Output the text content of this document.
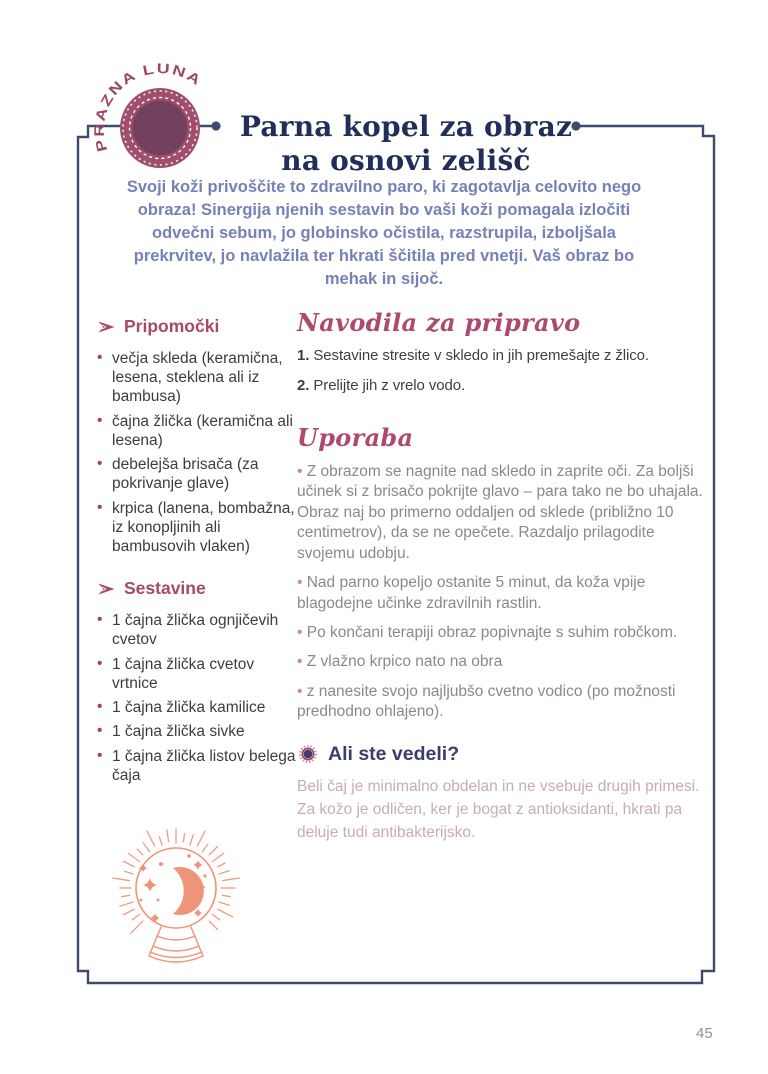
PRAZNA LUNA
Parna kopel za obraz
na osnovi zelišč

Svoji koži privoščite to zdravilno paro, ki zagotavlja celovito nego obraza! Sinergija njenih sestavin bo vaši koži pomagala izločiti odvečni sebum, jo globinsko očistila, razstrupila, izboljšala prekrvitev, jo navlažila ter hkrati ščitila pred vnetji. Vaš obraz bo mehak in sijoč.

Pripomočki
• večja skleda (keramična, lesena, steklena ali iz bambusa)
• čajna žlička (keramična ali lesena)
• debelejša brisača (za pokrivanje glave)
• krpica (lanena, bombažna, iz konopljinih ali bambusovih vlaken)
Sestavine
• 1 čajna žlička ognjičevih cvetov
• 1 čajna žlička cvetov vrtnice
• 1 čajna žlička kamilice
• 1 čajna žlička sivke
• 1 čajna žlička listov belega čaja
Navodila za pripravo
1. Sestavine stresite v skledo in jih premešajte z žlico.
2. Prelijte jih z vrelo vodo.
Uporaba

• Z obrazom se nagnite nad skledo in zaprite oči. Za boljši učinek si z brisačo pokrijte glavo – para tako ne bo uhajala. Obraz naj bo primerno oddaljen od sklede (približno 10 centimetrov), da se ne opečete. Razdaljo prilagodite svojemu udobju.

• Nad parno kopeljo ostanite 5 minut, da koža vpije blagodejne učinke zdravilnih rastlin.

• Po končani terapiji obraz popivnajte s suhim robčkom.

• Z vlažno krpico nato na obra

• z nanesite svojo najljubšo cvetno vodico (po možnosti predhodno ohlajeno).

Ali ste vedeli?

Beli čaj je minimalno obdelan in ne vsebuje drugih primesi. Za kožo je odličen, ker je bogat z antioksidanti, hkrati pa deluje tudi antibakterijsko.

45
